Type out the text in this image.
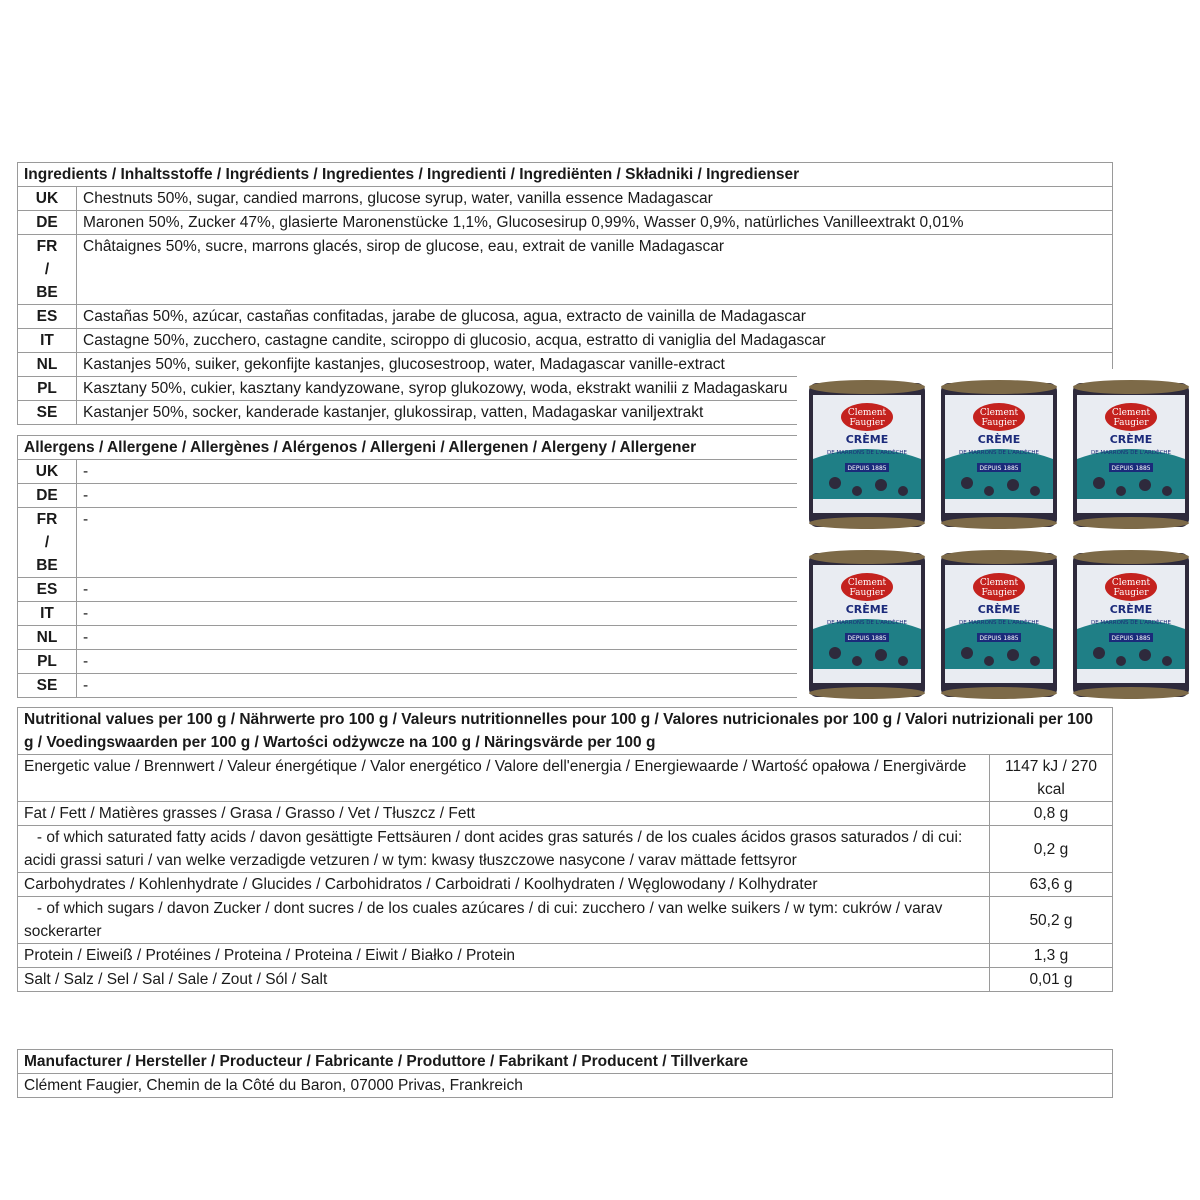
Ingredients / Inhaltsstoffe / Ingrédients / Ingredientes / Ingredienti / Ingrediënten / Składniki / Ingredienser	
UK	Chestnuts 50%, sugar, candied marrons, glucose syrup, water, vanilla essence Madagascar
DE	Maronen 50%, Zucker 47%, glasierte Maronenstücke 1,1%, Glucosesirup 0,99%, Wasser 0,9%, natürliches Vanilleextrakt 0,01%
FR / BE	Châtaignes 50%, sucre, marrons glacés, sirop de glucose, eau, extrait de vanille Madagascar
ES	Castañas 50%, azúcar, castañas confitadas, jarabe de glucosa, agua, extracto de vainilla de Madagascar
IT	Castagne 50%, zucchero, castagne candite, sciroppo di glucosio, acqua, estratto di vaniglia del Madagascar
NL	Kastanjes 50%, suiker, gekonfijte kastanjes, glucosestroop, water, Madagascar vanille-extract
PL	Kasztany 50%, cukier, kasztany kandyzowane, syrop glukozowy, woda, ekstrakt wanilii z Madagaskaru
SE	Kastanjer 50%, socker, kanderade kastanjer, glukossirap, vatten, Madagaskar vaniljextrakt
Allergens / Allergene / Allergènes / Alérgenos / Allergeni / Allergenen / Alergeny / Allergener	
UK	-
DE	-
FR / BE	-
ES	-
IT	-
NL	-
PL	-
SE	-
Clement
Faugier
CRÈME
DE MARRONS DE L'ARDÈCHE
DEPUIS 1885
Clement
Faugier
CRÈME
DE MARRONS DE L'ARDÈCHE
DEPUIS 1885
Clement
Faugier
CRÈME
DE MARRONS DE L'ARDÈCHE
DEPUIS 1885
Clement
Faugier
CRÈME
DE MARRONS DE L'ARDÈCHE
DEPUIS 1885
Clement
Faugier
CRÈME
DE MARRONS DE L'ARDÈCHE
DEPUIS 1885
Clement
Faugier
CRÈME
DE MARRONS DE L'ARDÈCHE
DEPUIS 1885
Nutritional values per 100 g / Nährwerte pro 100 g / Valeurs nutritionnelles pour 100 g / Valores nutricionales por 100 g / Valori nutrizionali per 100 g / Voedingswaarden per 100 g / Wartości odżywcze na 100 g / Näringsvärde per 100 g	
Energetic value / Brennwert / Valeur énergétique / Valor energético / Valore dell'energia / Energiewaarde / Wartość opałowa / Energivärde	1147 kJ / 270 kcal
Fat / Fett / Matières grasses / Grasa / Grasso / Vet / Tłuszcz / Fett	0,8 g
- of which saturated fatty acids / davon gesättigte Fettsäuren / dont acides gras saturés / de los cuales ácidos grasos saturados / di cui: acidi grassi saturi / van welke verzadigde vetzuren / w tym: kwasy tłuszczowe nasycone / varav mättade fettsyror	0,2 g
Carbohydrates / Kohlenhydrate / Glucides / Carbohidratos / Carboidrati / Koolhydraten / Węglowodany / Kolhydrater	63,6 g
- of which sugars / davon Zucker / dont sucres / de los cuales azúcares / di cui: zucchero / van welke suikers / w tym: cukrów / varav sockerarter	50,2 g
Protein / Eiweiß / Protéines / Proteina / Proteina / Eiwit / Białko / Protein	1,3 g
Salt / Salz / Sel / Sal / Sale / Zout / Sól / Salt	0,01 g
Manufacturer / Hersteller / Producteur / Fabricante / Produttore / Fabrikant / Producent / Tillverkare
Clément Faugier, Chemin de la Côté du Baron, 07000 Privas, Frankreich
